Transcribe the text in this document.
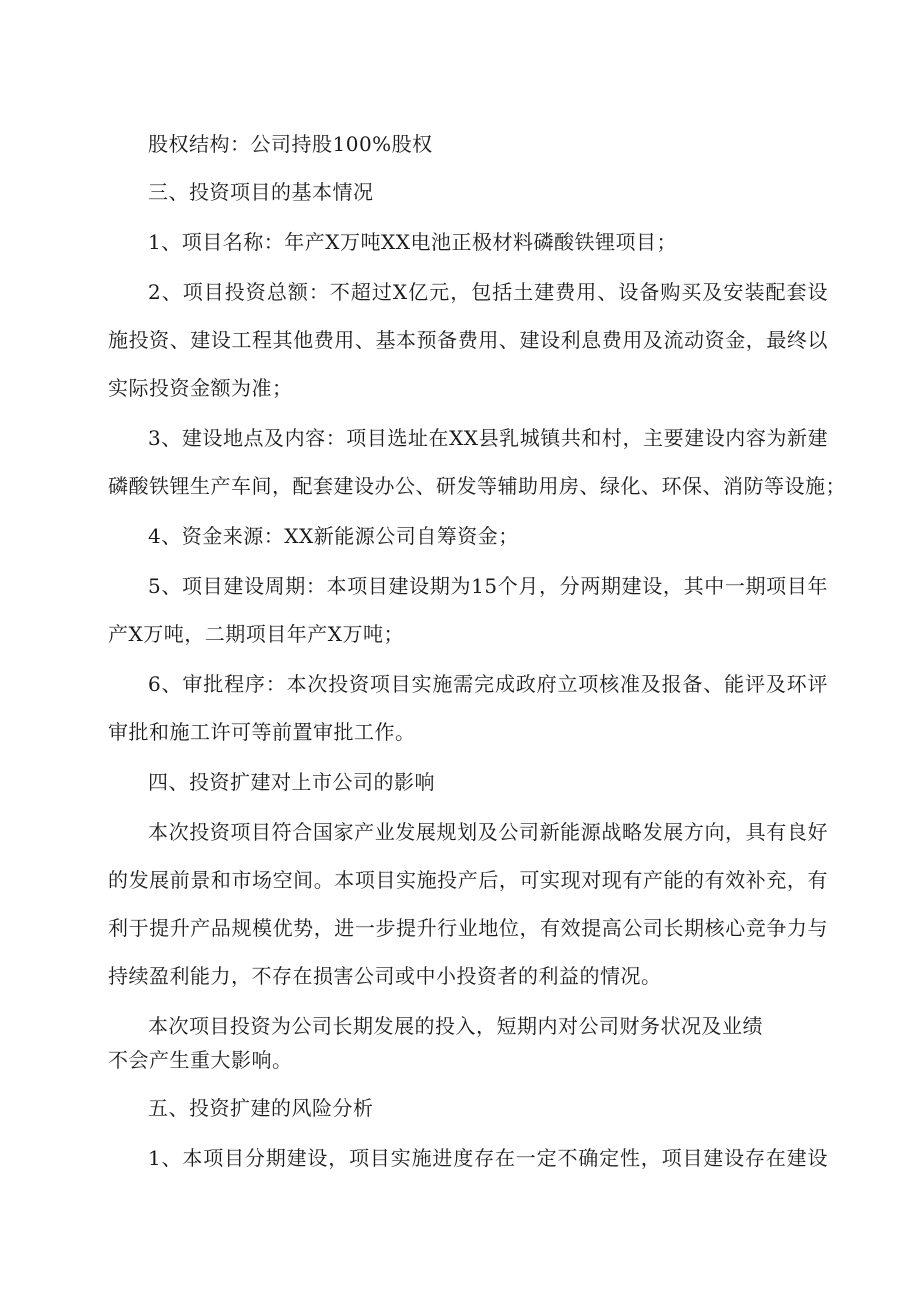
股权结构：公司持股100%股权
三、投资项目的基本情况
1、项目名称：年产X万吨XX电池正极材料磷酸铁锂项目；
2、项目投资总额：不超过X亿元，包括土建费用、设备购买及安装配套设
施投资、建设工程其他费用、基本预备费用、建设利息费用及流动资金，最终以
实际投资金额为准；
3、建设地点及内容：项目选址在XX县乳城镇共和村，主要建设内容为新建
磷酸铁锂生产车间，配套建设办公、研发等辅助用房、绿化、环保、消防等设施；
4、资金来源：XX新能源公司自筹资金；
5、项目建设周期：本项目建设期为15个月，分两期建设，其中一期项目年
产X万吨，二期项目年产X万吨；
6、审批程序：本次投资项目实施需完成政府立项核准及报备、能评及环评
审批和施工许可等前置审批工作。
四、投资扩建对上市公司的影响
本次投资项目符合国家产业发展规划及公司新能源战略发展方向，具有良好
的发展前景和市场空间。本项目实施投产后，可实现对现有产能的有效补充，有
利于提升产品规模优势，进一步提升行业地位，有效提高公司长期核心竞争力与
持续盈利能力，不存在损害公司或中小投资者的利益的情况。
本次项目投资为公司长期发展的投入，短期内对公司财务状况及业绩
不会产生重大影响。
五、投资扩建的风险分析
1、本项目分期建设，项目实施进度存在一定不确定性，项目建设存在建设
